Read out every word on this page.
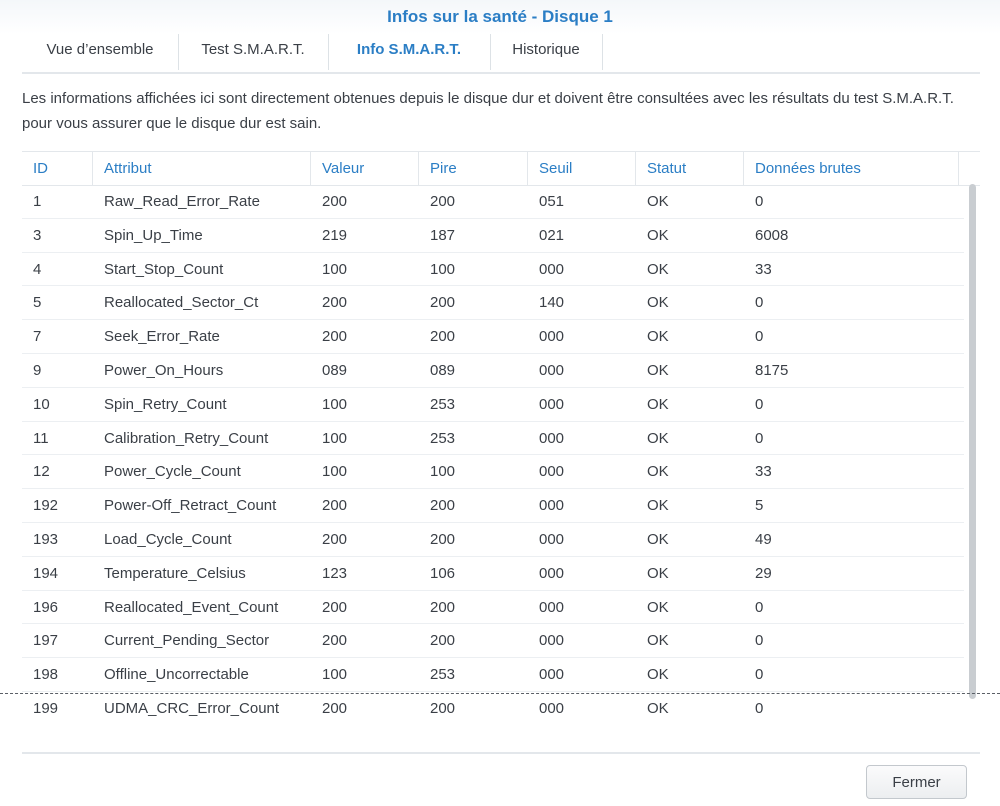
Infos sur la santé - Disque 1
Vue d’ensemble	Test S.M.A.R.T.	Info S.M.A.R.T.	Historique
Les informations affichées ici sont directement obtenues depuis le disque dur et doivent être consultées avec les résultats du test S.M.A.R.T. pour vous assurer que le disque dur est sain.
ID	Attribut	Valeur	Pire	Seuil	Statut	Données brutes
1	Raw_Read_Error_Rate	200	200	051	OK	0
3	Spin_Up_Time	219	187	021	OK	6008
4	Start_Stop_Count	100	100	000	OK	33
5	Reallocated_Sector_Ct	200	200	140	OK	0
7	Seek_Error_Rate	200	200	000	OK	0
9	Power_On_Hours	089	089	000	OK	8175
10	Spin_Retry_Count	100	253	000	OK	0
11	Calibration_Retry_Count	100	253	000	OK	0
12	Power_Cycle_Count	100	100	000	OK	33
192	Power-Off_Retract_Count	200	200	000	OK	5
193	Load_Cycle_Count	200	200	000	OK	49
194	Temperature_Celsius	123	106	000	OK	29
196	Reallocated_Event_Count	200	200	000	OK	0
197	Current_Pending_Sector	200	200	000	OK	0
198	Offline_Uncorrectable	100	253	000	OK	0
199	UDMA_CRC_Error_Count	200	200	000	OK	0
Fermer
